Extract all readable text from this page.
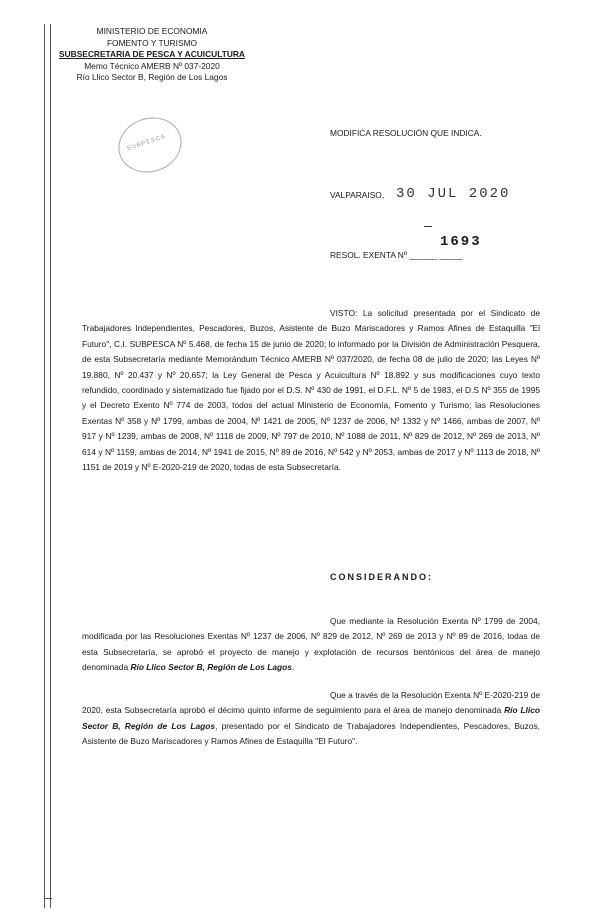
MINISTERIO DE ECONOMIA
FOMENTO Y TURISMO
SUBSECRETARIA DE PESCA Y ACUICULTURA
Memo Técnico AMERB Nº 037-2020
Río Llico Sector B, Región de Los Lagos
SUBPESCA
MODIFICA RESOLUCIÓN QUE INDICA.
VALPARAISO, 30 JUL 2020
1693
RESOL. EXENTA Nº ______ _____
VISTO: La solicitud presentada por el Sindicato de Trabajadores Independientes, Pescadores, Buzos, Asistente de Buzo Mariscadores y Ramos Afines de Estaquilla "El Futuro", C.I. SUBPESCA Nº 5.468, de fecha 15 de junio de 2020; lo informado por la División de Administración Pesquera, de esta Subsecretaría mediante Memorándum Técnico AMERB Nº 037/2020, de fecha 08 de julio de 2020; las Leyes Nº 19.880, Nº 20.437 y Nº 20.657; la Ley General de Pesca y Acuicultura Nº 18.892 y sus modificaciones cuyo texto refundido, coordinado y sistematizado fue fijado por el D.S. Nº 430 de 1991, el D.F.L. Nº 5 de 1983, el D.S Nº 355 de 1995 y el Decreto Exento Nº 774 de 2003, todos del actual Ministerio de Economía, Fomento y Turismo; las Resoluciones Exentas Nº 358 y Nº 1799, ambas de 2004, Nº 1421 de 2005, Nº 1237 de 2006, Nº 1332 y Nº 1466, ambas de 2007, Nº 917 y Nº 1239, ambas de 2008, Nº 1118 de 2009, Nº 797 de 2010, Nº 1088 de 2011, Nº 829 de 2012, Nº 269 de 2013, Nº 614 y Nº 1159, ambas de 2014, Nº 1941 de 2015, Nº 89 de 2016, Nº 542 y Nº 2053, ambas de 2017 y Nº 1113 de 2018, Nº 1151 de 2019 y Nº E-2020-219 de 2020, todas de esta Subsecretaría.
CONSIDERANDO:
Que mediante la Resolución Exenta Nº 1799 de 2004, modificada por las Resoluciones Exentas Nº 1237 de 2006, Nº 829 de 2012, Nº 269 de 2013 y Nº 89 de 2016, todas de esta Subsecretaría, se aprobó el proyecto de manejo y explotación de recursos bentónicos del área de manejo denominada Río Llico Sector B, Región de Los Lagos.
Que a través de la Resolución Exenta Nº E-2020-219 de 2020, esta Subsecretaría aprobó el décimo quinto informe de seguimiento para el área de manejo denominada Río Llico Sector B, Región de Los Lagos, presentado por el Sindicato de Trabajadores Independientes, Pescadores, Buzos, Asistente de Buzo Mariscadores y Ramos Afines de Estaquilla "El Futuro".
